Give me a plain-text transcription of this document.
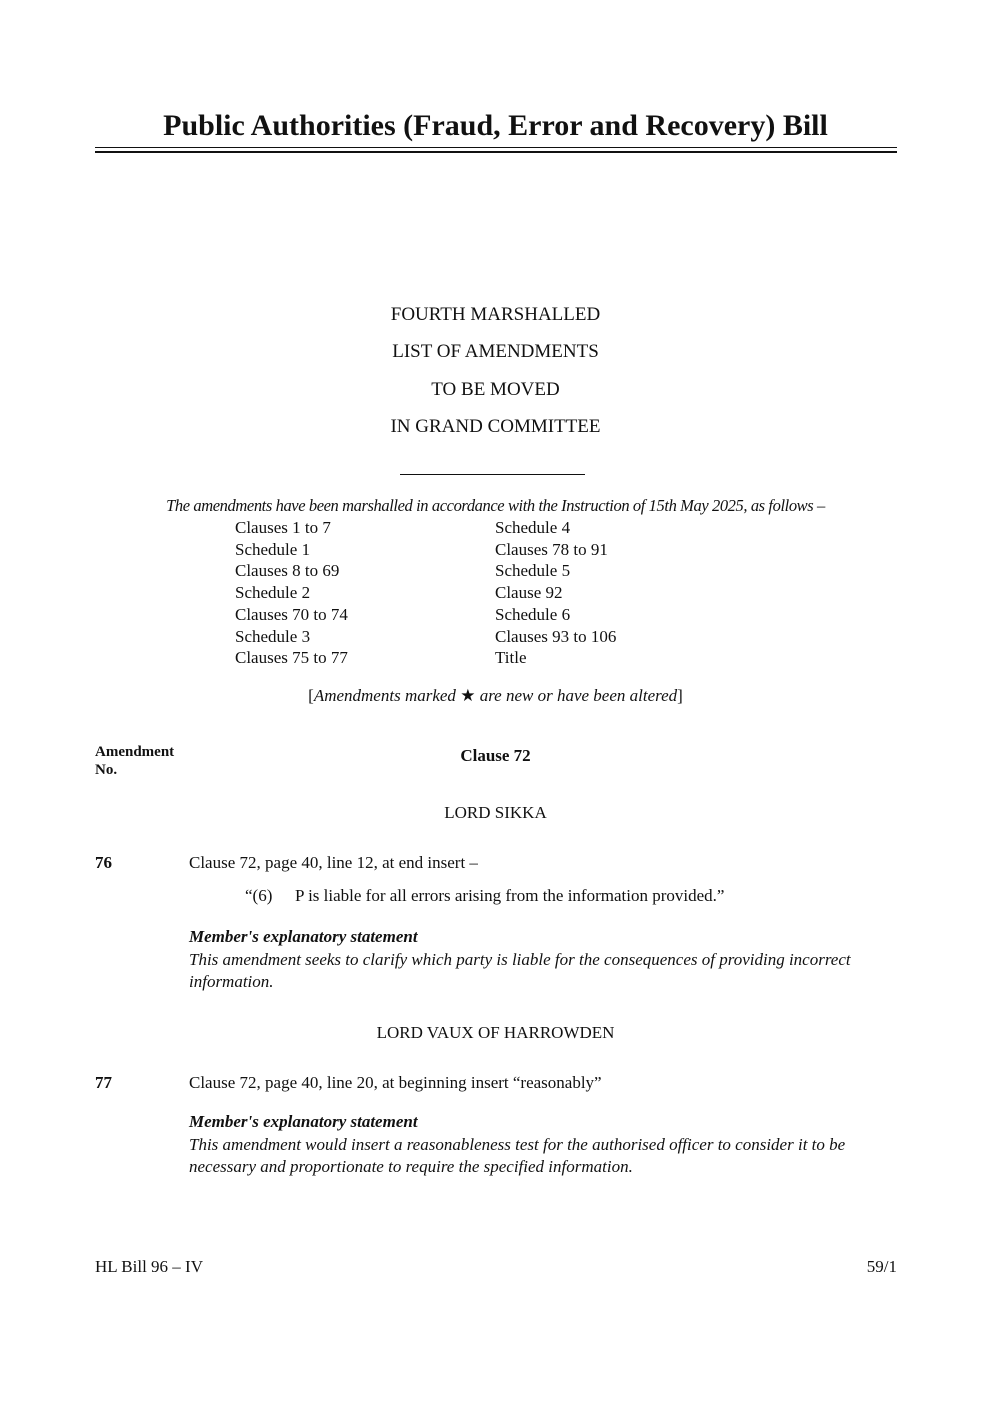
Public Authorities (Fraud, Error and Recovery) Bill
FOURTH MARSHALLED
LIST OF AMENDMENTS
TO BE MOVED
IN GRAND COMMITTEE
The amendments have been marshalled in accordance with the Instruction of 15th May 2025, as follows –
Clauses 1 to 7
Schedule 1
Clauses 8 to 69
Schedule 2
Clauses 70 to 74
Schedule 3
Clauses 75 to 77
Schedule 4
Clauses 78 to 91
Schedule 5
Clause 92
Schedule 6
Clauses 93 to 106
Title
[Amendments marked ★ are new or have been altered]
Amendment
No.
Clause 72
LORD SIKKA
76	Clause 72, page 40, line 12, at end insert –
“(6) P is liable for all errors arising from the information provided.”
Member's explanatory statement
This amendment seeks to clarify which party is liable for the consequences of providing incorrect
information.
LORD VAUX OF HARROWDEN
77	Clause 72, page 40, line 20, at beginning insert “reasonably”
Member's explanatory statement
This amendment would insert a reasonableness test for the authorised officer to consider it to be
necessary and proportionate to require the specified information.
HL Bill 96 – IV	59/1
